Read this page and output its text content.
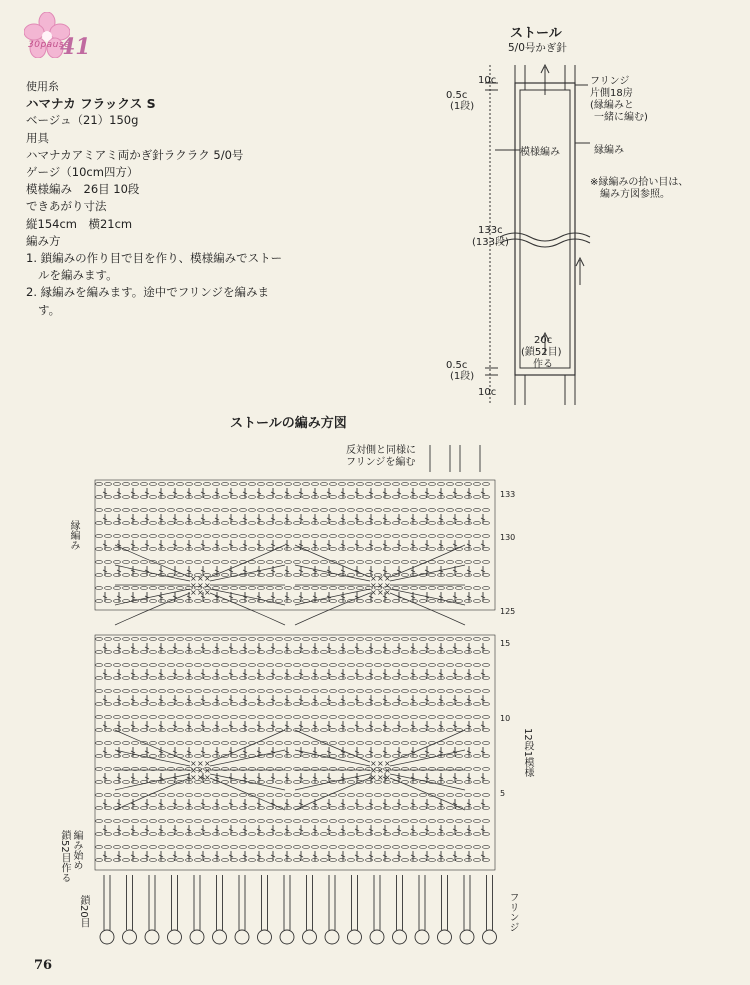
30pause
41
使用糸
ハマナカ フラックス S
ベージュ（21）150g
用具
ハマナカアミアミ両かぎ針ラクラク 5/0号
ゲージ（10cm四方）
模様編み　26目 10段
できあがり寸法
縦154cm　横21cm
編み方
1. 鎖編みの作り目で目を作り、模様編みでストールを編みます。
2. 縁編みを編みます。途中でフリンジを編みます。
ストール
5/0号かぎ針
10c
0.5c
(1段)
模様編み
133c
(133段)
20c
(鎖52目)
作る
0.5c
(1段)
10c
フリンジ
片側18房
(縁編みと
一緒に編む)
縁編み
※縁編みの拾い目は、
編み方図参照。
ストールの編み方図
反対側と同様に
フリンジを編む
×
×
×
×
×
×
×
×
×
×
×
×
×
×
×
×
×
×
×
×
×
×
×
×
×
×
×
×
×
×
×
×
×
×
×
×
133
130
125
15
10
5
12段1模様
縁編み
鎖52目作る 編み始め
鎖20目	フリンジ
76
